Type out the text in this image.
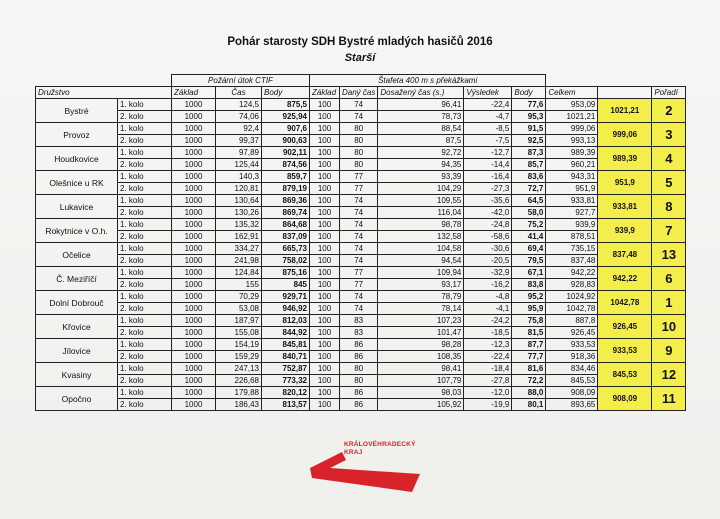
Pohár starosty SDH Bystré mladých hasičů 2016
Starší
		Požární útok CTIF			Štafeta 400 m s překážkami							
Družstvo		Základ	Čas	Body	Základ	Daný čas	Dosažený čas (s.)	Výsledek	Body	Celkem		Pořadí
Bystré	1. kolo	1000	124,5	875,5	100	74	96,41	-22,4	77,6	953,09	1021,21	2
	2. kolo	1000	74,06	925,94	100	74	78,73	-4,7	95,3	1021,21		
Provoz	1. kolo	1000	92,4	907,6	100	80	88,54	-8,5	91,5	999,06	999,06	3
	2. kolo	1000	99,37	900,63	100	80	87,5	-7,5	92,5	993,13		
Houdkovice	1. kolo	1000	97,89	902,11	100	80	92,72	-12,7	87,3	989,39	989,39	4
	2. kolo	1000	125,44	874,56	100	80	94,35	-14,4	85,7	960,21		
Olešnice u RK	1. kolo	1000	140,3	859,7	100	77	93,39	-16,4	83,6	943,31	951,9	5
	2. kolo	1000	120,81	879,19	100	77	104,29	-27,3	72,7	951,9		
Lukavice	1. kolo	1000	130,64	869,36	100	74	109,55	-35,6	64,5	933,81	933,81	8
	2. kolo	1000	130,26	869,74	100	74	116,04	-42,0	58,0	927,7		
Rokytnice v O.h.	1. kolo	1000	135,32	864,68	100	74	98,78	-24,8	75,2	939,9	939,9	7
	2. kolo	1000	162,91	837,09	100	74	132,58	-58,6	41,4	878,51		
Očelice	1. kolo	1000	334,27	665,73	100	74	104,58	-30,6	69,4	735,15	837,48	13
	2. kolo	1000	241,98	758,02	100	74	94,54	-20,5	79,5	837,48		
Č. Meziříčí	1. kolo	1000	124,84	875,16	100	77	109,94	-32,9	67,1	942,22	942,22	6
	2. kolo	1000	155	845	100	77	93,17	-16,2	83,8	928,83		
Dolní Dobrouč	1. kolo	1000	70,29	929,71	100	74	78,79	-4,8	95,2	1024,92	1042,78	1
	2. kolo	1000	53,08	946,92	100	74	78,14	-4,1	95,9	1042,78		
Křovice	1. kolo	1000	187,97	812,03	100	83	107,23	-24,2	75,8	887,8	926,45	10
	2. kolo	1000	155,08	844,92	100	83	101,47	-18,5	81,5	926,45		
Jílovice	1. kolo	1000	154,19	845,81	100	86	98,28	-12,3	87,7	933,53	933,53	9
	2. kolo	1000	159,29	840,71	100	86	108,35	-22,4	77,7	918,36		
Kvasiny	1. kolo	1000	247,13	752,87	100	80	98,41	-18,4	81,6	834,46	845,53	12
	2. kolo	1000	226,68	773,32	100	80	107,79	-27,8	72,2	845,53		
Opočno	1. kolo	1000	179,88	820,12	100	86	98,03	-12,0	88,0	908,09	908,09	11
	2. kolo	1000	186,43	813,57	100	86	105,92	-19,9	80,1	893,65		
KRÁLOVÉHRADECKÝ
KRAJ
